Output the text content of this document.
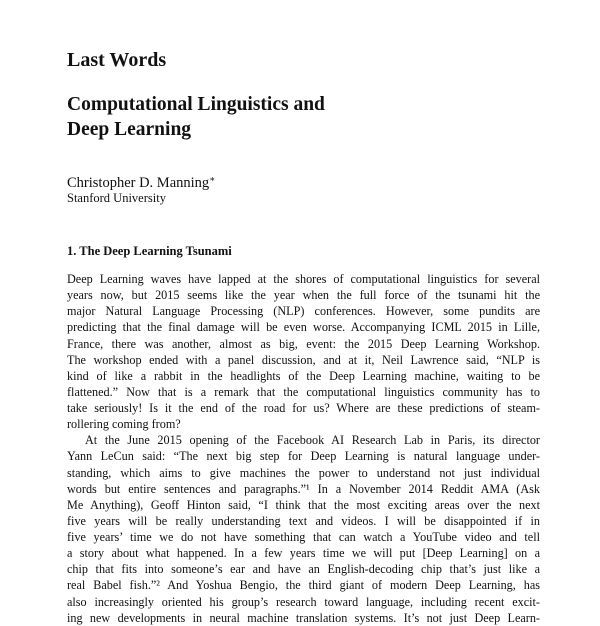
Last Words
Computational Linguistics and
Deep Learning

Christopher D. Manning∗

Stanford University

1. The Deep Learning Tsunami
Deep Learning waves have lapped at the shores of computational linguistics for several
years now, but 2015 seems like the year when the full force of the tsunami hit the
major Natural Language Processing (NLP) conferences. However, some pundits are
predicting that the final damage will be even worse. Accompanying ICML 2015 in Lille,
France, there was another, almost as big, event: the 2015 Deep Learning Workshop.
The workshop ended with a panel discussion, and at it, Neil Lawrence said, “NLP is
kind of like a rabbit in the headlights of the Deep Learning machine, waiting to be
flattened.” Now that is a remark that the computational linguistics community has to
take seriously! Is it the end of the road for us? Where are these predictions of steam-
rollering coming from?
At the June 2015 opening of the Facebook AI Research Lab in Paris, its director
Yann LeCun said: “The next big step for Deep Learning is natural language under-
standing, which aims to give machines the power to understand not just individual
words but entire sentences and paragraphs.”¹ In a November 2014 Reddit AMA (Ask
Me Anything), Geoff Hinton said, “I think that the most exciting areas over the next
five years will be really understanding text and videos. I will be disappointed if in
five years’ time we do not have something that can watch a YouTube video and tell
a story about what happened. In a few years time we will put [Deep Learning] on a
chip that fits into someone’s ear and have an English-decoding chip that’s just like a
real Babel fish.”² And Yoshua Bengio, the third giant of modern Deep Learning, has
also increasingly oriented his group’s research toward language, including recent excit-
ing new developments in neural machine translation systems. It’s not just Deep Learn-
